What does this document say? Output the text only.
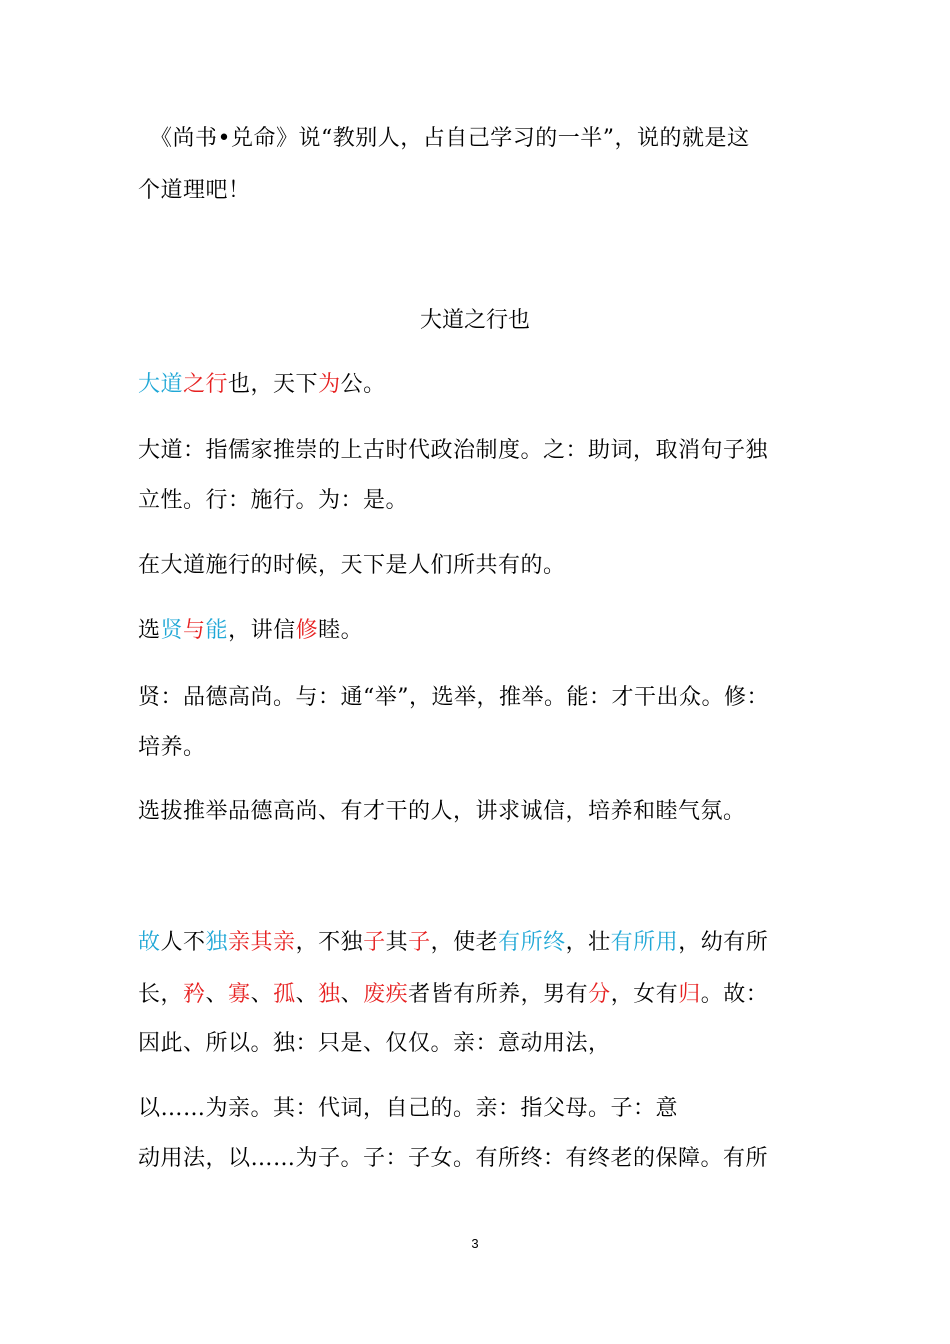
大道之行也
《尚书•兑命》说“教别人，占自己学习的一半”，说的就是这
个道理吧！
大道之行也，天下为公。
大道：指儒家推崇的上古时代政治制度。之：助词，取消句子独
立性。行：施行。为：是。
在大道施行的时候，天下是人们所共有的。
选贤与能，讲信修睦。
贤：品德高尚。与：通“举”，选举，推举。能：才干出众。修：
培养。
选拔推举品德高尚、有才干的人，讲求诚信，培养和睦气氛。
故人不独亲其亲，不独子其子，使老有所终，壮有所用，幼有所
长，矜、寡、孤、独、废疾者皆有所养，男有分，女有归。故：
因此、所以。独：只是、仅仅。亲：意动用法，
以……为亲。其：代词，自己的。亲：指父母。子：意
动用法，以……为子。子：子女。有所终：有终老的保障。有所
3
